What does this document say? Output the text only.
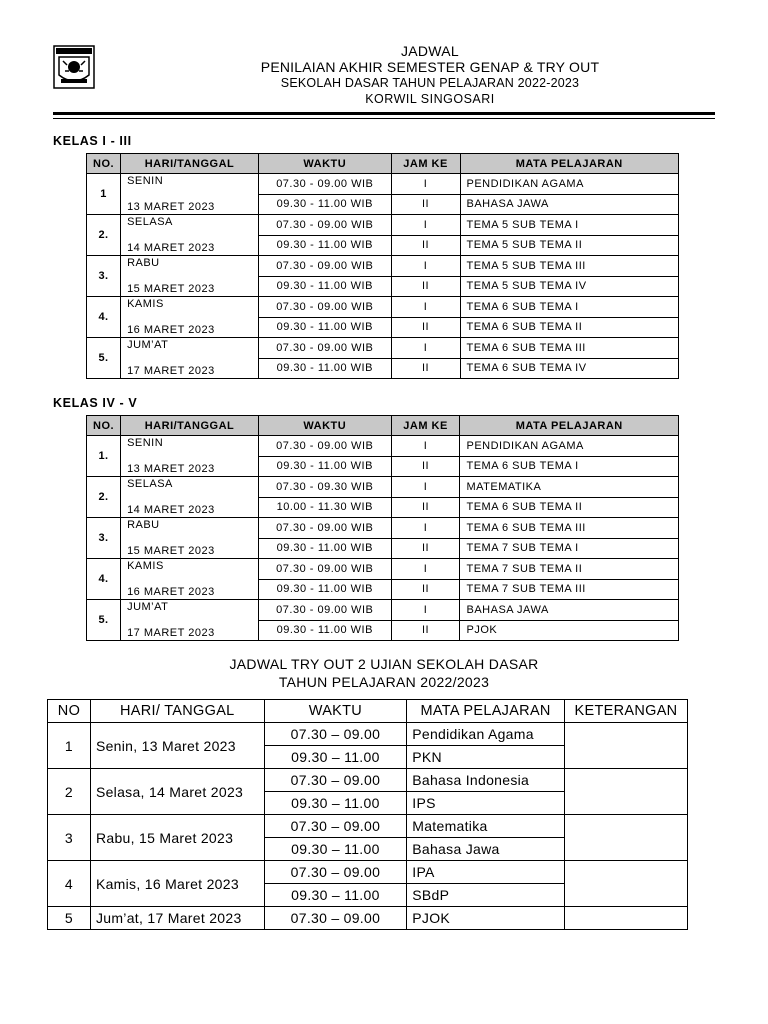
JADWAL
PENILAIAN AKHIR SEMESTER GENAP & TRY OUT
SEKOLAH DASAR TAHUN PELAJARAN 2022-2023
KORWIL SINGOSARI
KELAS I - III
NO.	HARI/TANGGAL	WAKTU	JAM KE	MATA PELAJARAN
1	SENIN	07.30 - 09.00 WIB	I	PENDIDIKAN AGAMA
	13 MARET 2023	09.30 - 11.00 WIB	II	BAHASA JAWA
2.	SELASA	07.30 - 09.00 WIB	I	TEMA 5 SUB TEMA I
	14 MARET 2023	09.30 - 11.00 WIB	II	TEMA 5 SUB TEMA II
3.	RABU	07.30 - 09.00 WIB	I	TEMA 5 SUB TEMA III
	15 MARET 2023	09.30 - 11.00 WIB	II	TEMA 5 SUB TEMA IV
4.	KAMIS	07.30 - 09.00 WIB	I	TEMA 6 SUB TEMA I
	16 MARET 2023	09.30 - 11.00 WIB	II	TEMA 6 SUB TEMA II
5.	JUM’AT	07.30 - 09.00 WIB	I	TEMA 6 SUB TEMA III
	17 MARET 2023	09.30 - 11.00 WIB	II	TEMA 6 SUB TEMA IV
KELAS IV - V
NO.	HARI/TANGGAL	WAKTU	JAM KE	MATA PELAJARAN
1.	SENIN	07.30 - 09.00 WIB	I	PENDIDIKAN AGAMA
	13 MARET 2023	09.30 - 11.00 WIB	II	TEMA 6 SUB TEMA I
2.	SELASA	07.30 - 09.30 WIB	I	MATEMATIKA
	14 MARET 2023	10.00 - 11.30 WIB	II	TEMA 6 SUB TEMA II
3.	RABU	07.30 - 09.00 WIB	I	TEMA 6 SUB TEMA III
	15 MARET 2023	09.30 - 11.00 WIB	II	TEMA 7 SUB TEMA I
4.	KAMIS	07.30 - 09.00 WIB	I	TEMA 7 SUB TEMA II
	16 MARET 2023	09.30 - 11.00 WIB	II	TEMA 7 SUB TEMA III
5.	JUM’AT	07.30 - 09.00 WIB	I	BAHASA JAWA
	17 MARET 2023	09.30 - 11.00 WIB	II	PJOK
JADWAL TRY OUT 2 UJIAN SEKOLAH DASAR
TAHUN PELAJARAN 2022/2023
NO	HARI/ TANGGAL	WAKTU	MATA PELAJARAN	KETERANGAN
1	Senin, 13 Maret 2023	07.30 – 09.00	Pendidikan Agama	
		09.30 – 11.00	PKN	
2	Selasa, 14 Maret 2023	07.30 – 09.00	Bahasa Indonesia	
		09.30 – 11.00	IPS	
3	Rabu, 15 Maret 2023	07.30 – 09.00	Matematika	
		09.30 – 11.00	Bahasa Jawa	
4	Kamis, 16 Maret 2023	07.30 – 09.00	IPA	
		09.30 – 11.00	SBdP	
5	Jum’at, 17 Maret 2023	07.30 – 09.00	PJOK	
